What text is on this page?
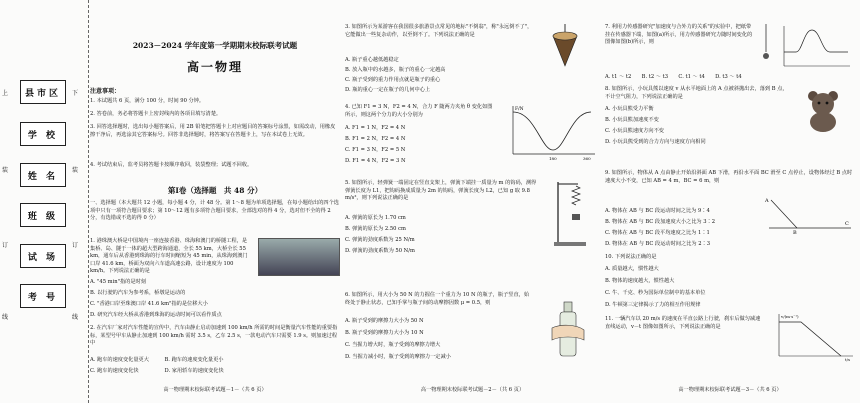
上
装
订
线
下
装
订
线
县市区
学 校
姓 名
班 级
试 场
考 号
2023－2024 学年度第一学期期末校际联考试题
高一物理
注意事项：
1. 本试题共 6 页，满分 100 分，时间 90 分钟。
2. 答卷前，务必将答题卡上密封线内的各项目填写清楚。
3. 回答选择题时，选出每小题答案后，用 2B 铅笔把答题卡上对应题目的答案标号涂黑，如需改动，用橡皮擦干净后，再选涂其它答案标号。回答非选择题时，将答案写在答题卡上，写在本试卷上无效。
4. 考试结束后，监考员将答题卡按顺序收回，装袋整理；试题不回收。
第Ⅰ卷（选择题　共 48 分）
一、选择题（本大题共 12 小题，每小题 4 分，计 48 分。第 1～8 题为单项选择题，在每小题给出的四个选项中只有一项符合题目要求；第 10～12 题有多项符合题目要求，全部选对的得 4 分，选对但不全的得 2 分，有选错或不选的得 0 分）
1. 港珠澳大桥是中国境内一座连接香港、珠海和澳门的桥隧工程，是集桥、岛、隧于一体的超大型跨海通道，全长 55 km，大桥全长 55 km，通车后从香港到珠海的行车时间缩短为 45 min，从珠海到澳门口岸 41.6 km，桥面为双向六车道高速公路，设计速度为 100 km/h。下列说法正确的是
A. "45 min"指的是时刻
B. 以行驶的汽车为参考系，桥墩是运动的
C. "香港口岸至珠澳口岸 41.6 km"指的是位移大小
D. 研究汽车经大桥从香港到珠海的运动时间可以看作质点
2. 在汽车厂家对汽车性能的宣传中，汽车由静止启动加速到 100 km/h 所需的时间是衡量汽车性能的重要指标，某型号甲车从静止加速到 100 km/h 需时 3.5 s，乙车 2.5 s，一款电动汽车只需要 1.9 s。则加速过程中
A. 跑车的速度变化量更大　　　B. 跑车的速度变化量更小
C. 跑车的速度变化快　　　　　D. 家用轿车的速度变化快
高一物理期末校际联考试题－1－（共 6 页）
3. 如图所示为某游客在我国很多旅游景点常见的地标"不倒翁"，称"永远倒不了"，它能做出一些复杂动作，以至倒不了。下列说法正确的是
A. 瓶子重心越低越稳定
B. 放入瓶中的水越多，瓶子的重心一定越高
C. 瓶子受到的重力作用点就是瓶子的重心
D. 瓶的重心一定在瓶子的几何中心上
4. 已知 F1 = 3 N，F2 = 4 N，合力 F 随两力夹角 θ 变化如图所示，则这两个分力的大小分别为
F/N
180	360
A. F1 = 1 N，F2 = 4 N
B. F1 = 2 N，F2 = 4 N
C. F1 = 3 N，F2 = 5 N
D. F1 = 4 N，F2 = 3 N
5. 如图所示，轻弹簧一端固定在竖直支架上，弹簧下端挂一质量为 m 的钩码，测得弹簧长度为 L1，把钩码换成质量为 2m 的钩码，弹簧长度为 L2，已知 g 取 9.8 m/s²，则下列说法正确的是
A. 弹簧的原长为 1.70 cm
B. 弹簧的原长为 2.50 cm
C. 弹簧的劲度系数为 25 N/m
D. 弹簧的劲度系数为 50 N/m
6. 如图所示，用大小为 50 N 的力握住一个重力为 10 N 的瓶子，瓶子竖直，始终处于静止状态，已知手掌与瓶子间的动摩擦因数 μ = 0.5，则
A. 瓶子受到的摩擦力大小为 50 N
B. 瓶子受到的摩擦力大小为 10 N
C. 当握力增大时，瓶子受到的摩擦力增大
D. 当握力减小时，瓶子受到的摩擦力一定减小
高一物理期末校际联考试题－2－（共 6 页）
7. 利用力传感器研究"加速度与合外力的关系"的实验中，把纸带挂在传感器下端，如图(a)所示，用力传感器研究力随时间变化的图像如图(b)所示，则
A. t1 ～ t2　　B. t2 ～ t3　　C. t1 ～ t4　　D. t3 ～ t4
8. 如图所示，小玩具熊以速度 v 从水平地面上的 A 点被斜抛出去，落到 B 点，不计空气阻力，下列说法正确的是
A. 小玩具熊受力平衡
B. 小玩具熊加速度不变
C. 小玩具熊速度方向不变
D. 小玩具熊受到的合力方向与速度方向相同
9. 如图所示，物体从 A 点由静止开始沿斜面 AB 下滑，再沿水平面 BC 滑至 C 点停止，设物体经过 B 点时速度大小不变，已知 AB = 4 m，BC = 6 m，则
A
B
C
A. 物体在 AB 与 BC 段运动时间之比为 9∶4
B. 物体在 AB 与 BC 段加速度大小之比为 3∶2
C. 物体在 AB 与 BC 段平均速度之比为 1∶1
D. 物体在 AB 与 BC 段运动时间之比为 2∶3
10. 下列说法正确的是
A. 质量越大，惯性越大
B. 物体的速度越大，惯性越大
C. 牛、千克、秒为国际单位制中的基本单位
D. 牛顿第三定律揭示了力的相互作用规律
11. 一辆汽车以 20 m/s 的速度在平直公路上行驶，刹车后做匀减速直线运动，v－t 图像如图所示，下列说法正确的是
v/(m·s⁻¹)
t/s
高一物理期末校际联考试题－3－（共 6 页）
